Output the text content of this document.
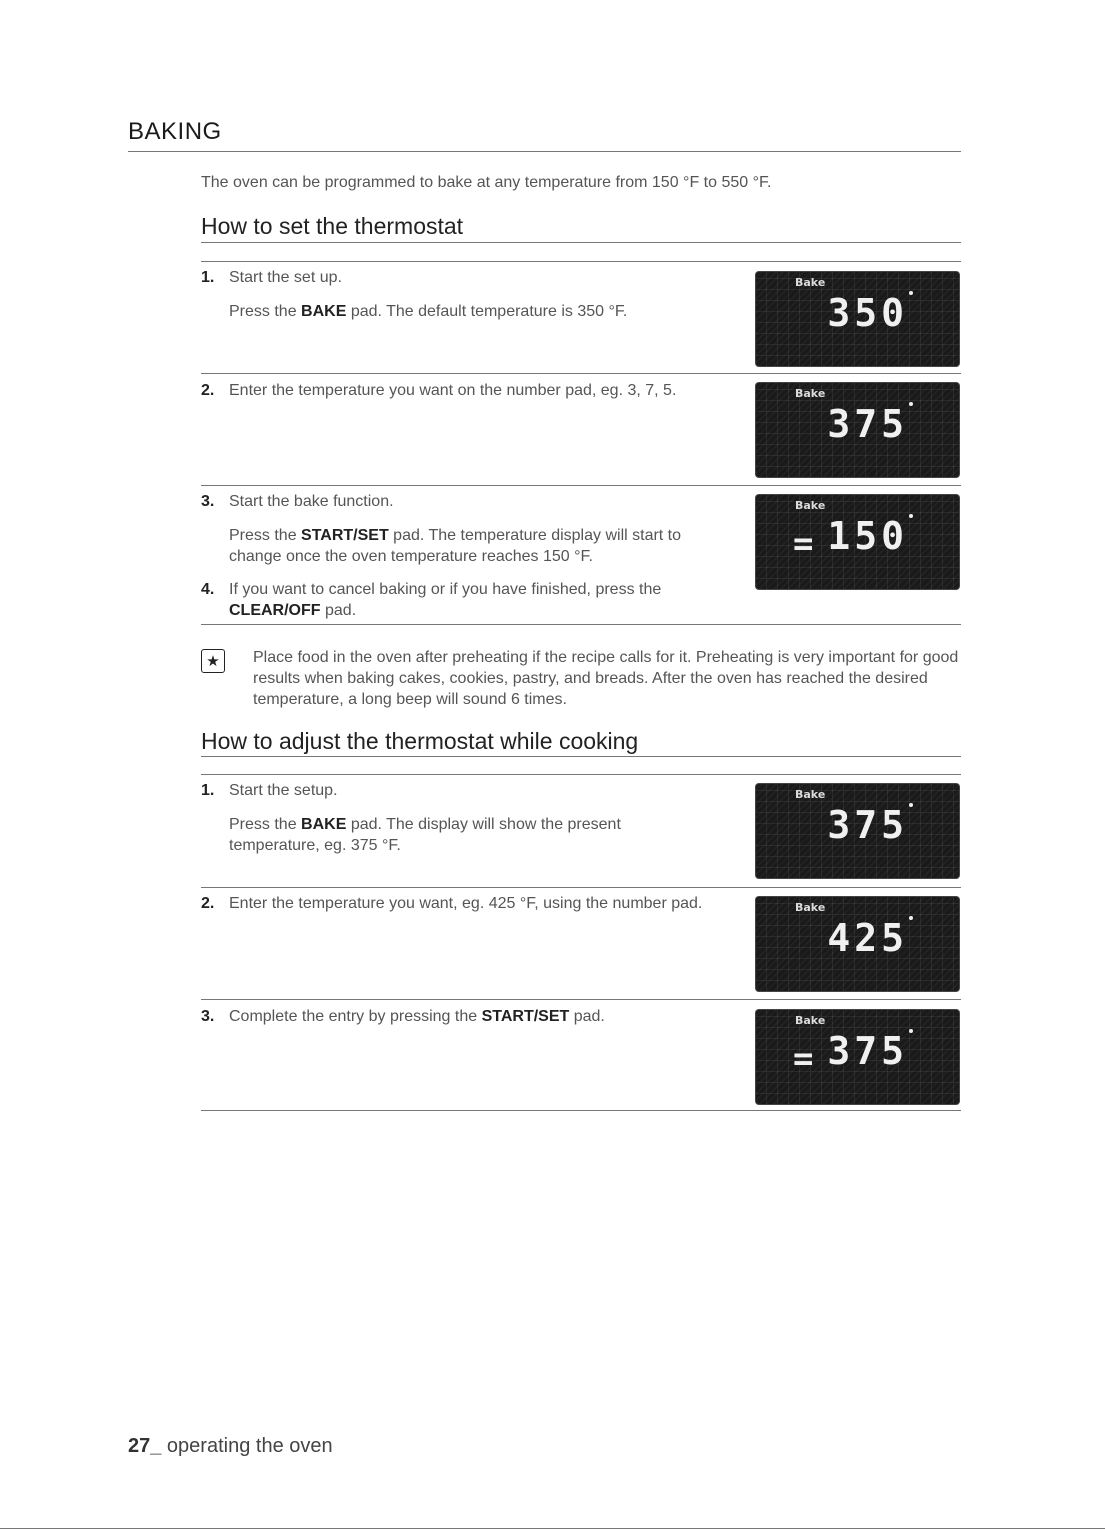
BAKING
The oven can be programmed to bake at any temperature from 150 °F to 550 °F.
How to set the thermostat
1. Start the set up.
Press the BAKE pad. The default temperature is 350 °F.
Bake
350
2. Enter the temperature you want on the number pad, eg. 3, 7, 5.	Bake
375
3. Start the bake function.
Press the START/SET pad. The temperature display will start to change once the oven temperature reaches 150 °F.
4. If you want to cancel baking or if you have finished, press the
CLEAR/OFF pad.
=
Bake
150
★	Place food in the oven after preheating if the recipe calls for it. Preheating is very important for good results when baking cakes, cookies, pastry, and breads. After the oven has reached the desired temperature, a long beep will sound 6 times.
How to adjust the thermostat while cooking
1. Start the setup.
Press the BAKE pad. The display will show the present temperature, eg. 375 °F.
Bake
375
2. Enter the temperature you want, eg. 425 °F, using the number pad.	Bake
425
3. Complete the entry by pressing the START/SET pad.
=
Bake
375
27_ operating the oven
